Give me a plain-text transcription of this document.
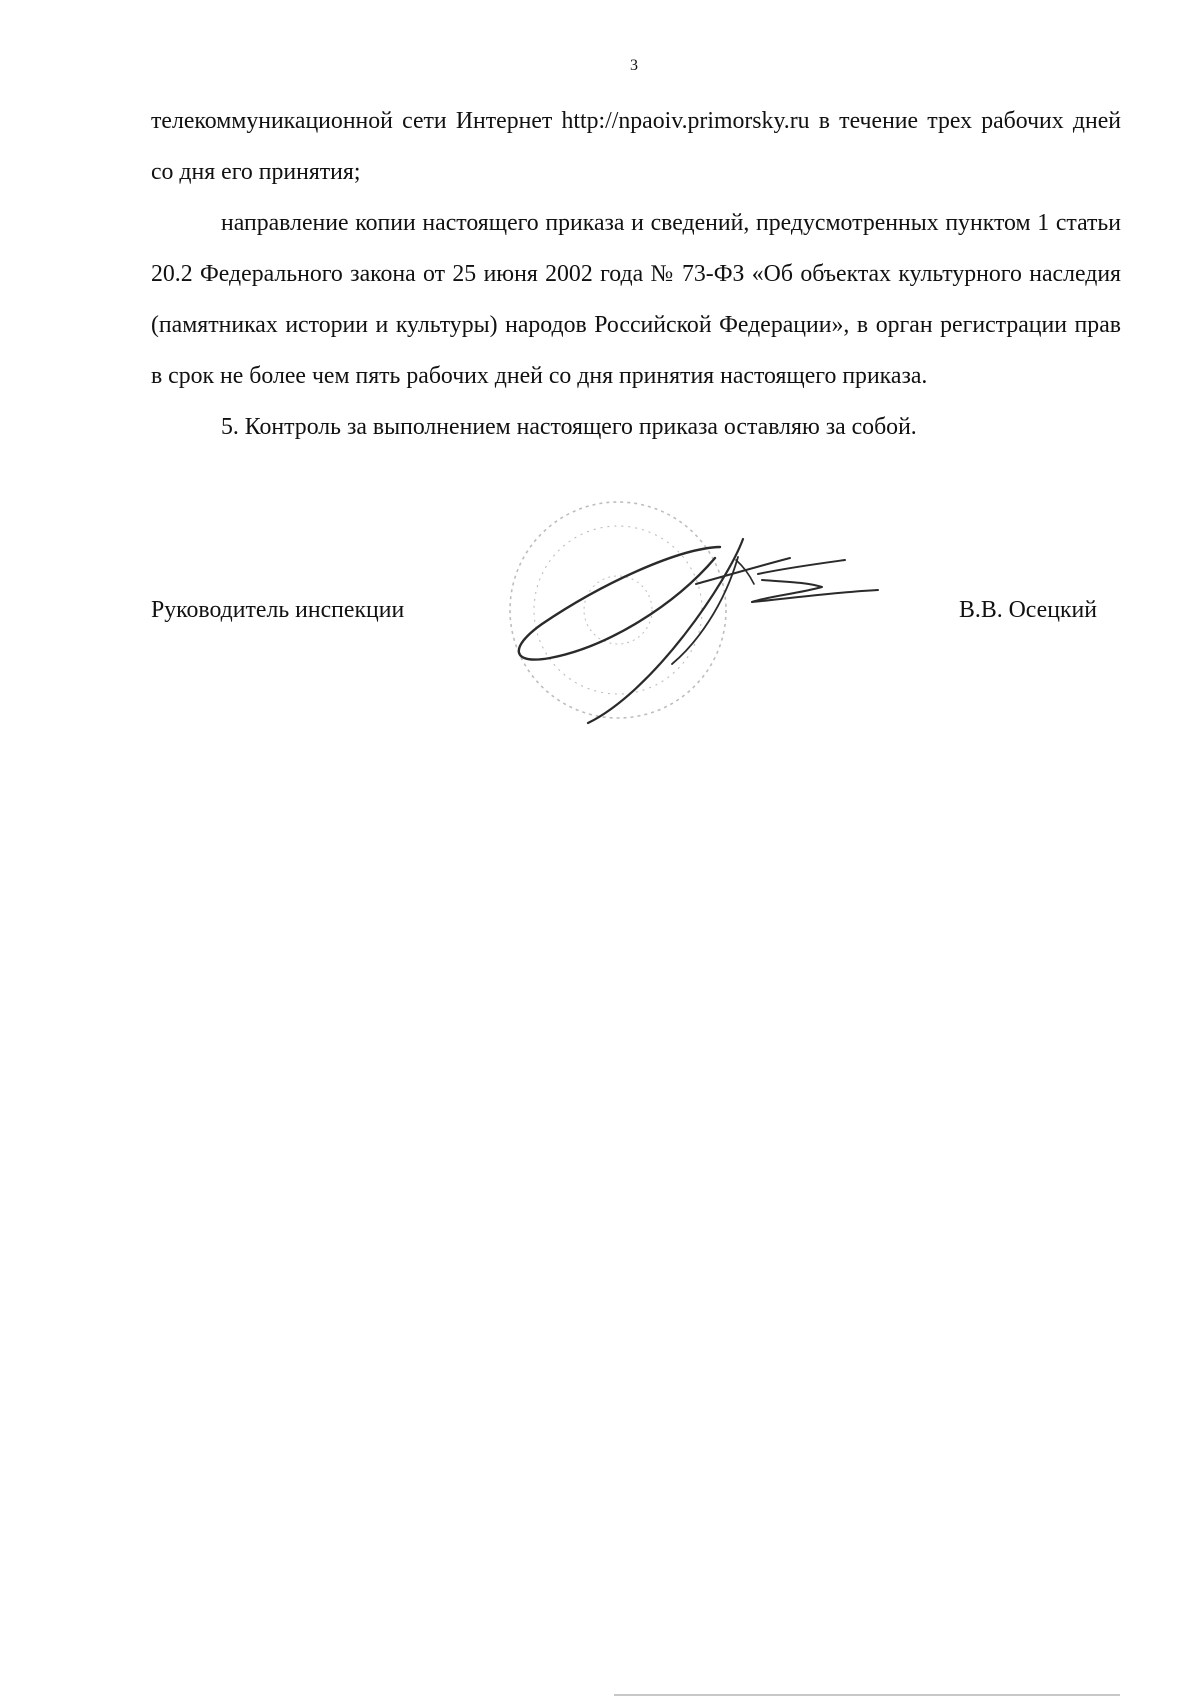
3

телекоммуникационной сети Интернет http://npaoiv.primorsky.ru в течение трех рабочих дней со дня его принятия;

направление копии настоящего приказа и сведений, предусмотренных пунктом 1 статьи 20.2 Федерального закона от 25 июня 2002 года № 73-ФЗ «Об объектах культурного наследия (памятниках истории и культуры) народов Российской Федерации», в орган регистрации прав в срок не более чем пять рабочих дней со дня принятия настоящего приказа.

5. Контроль за выполнением настоящего приказа оставляю за собой.

Руководитель инспекции	В.В. Осецкий
